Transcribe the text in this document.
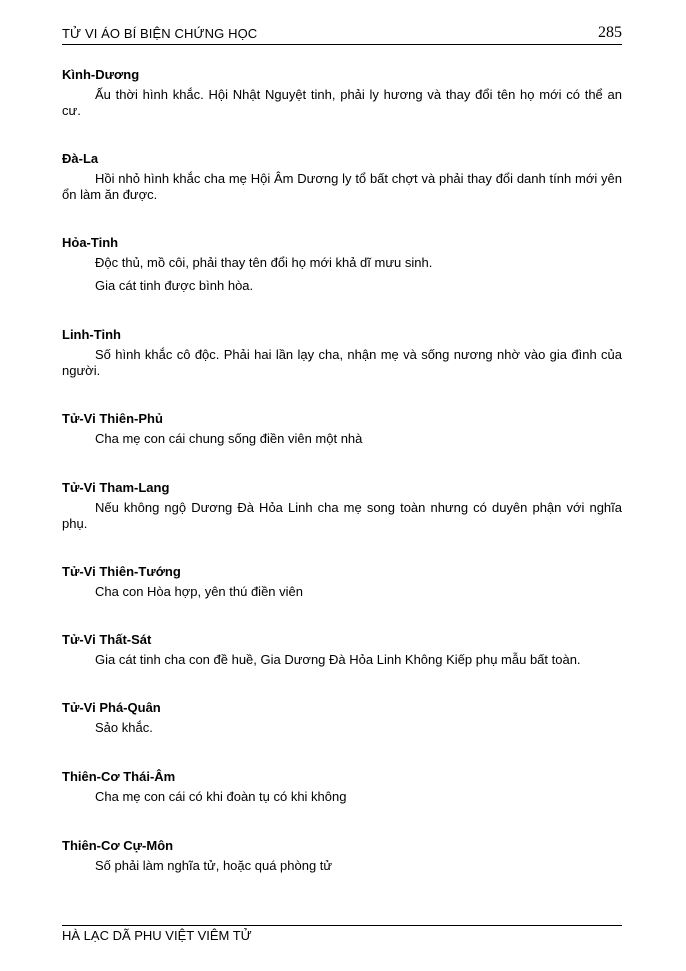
TỬ VI ÁO BÍ BIỆN CHỨNG HỌC	285
Kình-Dương

Ấu thời hình khắc. Hội Nhật Nguyệt tinh, phải ly hương và thay đổi tên họ mới có thể an cư.

Đà-La

Hồi nhỏ hình khắc cha mẹ Hội Âm Dương ly tổ bất chợt và phải thay đổi danh tính mới yên ổn làm ăn được.

Hỏa-Tinh

Độc thủ, mồ côi, phải thay tên đổi họ mới khả dĩ mưu sinh.

Gia cát tinh được bình hòa.

Linh-Tinh

Số hình khắc cô độc. Phải hai lần lạy cha, nhận mẹ và sống nương nhờ vào gia đình của người.

Tử-Vi Thiên-Phủ

Cha mẹ con cái chung sống điền viên một nhà

Tử-Vi Tham-Lang

Nếu không ngộ Dương Đà Hỏa Linh cha mẹ song toàn nhưng có duyên phận với nghĩa phụ.

Tử-Vi Thiên-Tướng

Cha con Hòa hợp, yên thú điền viên

Tử-Vi Thất-Sát

Gia cát tinh cha con đề huề, Gia Dương Đà Hỏa Linh Không Kiếp phụ mẫu bất toàn.

Tử-Vi Phá-Quân

Sảo khắc.

Thiên-Cơ Thái-Âm

Cha mẹ con cái có khi đoàn tụ có khi không

Thiên-Cơ Cự-Môn

Số phải làm nghĩa tử, hoặc quá phòng tử

HÀ LẠC DÃ PHU VIỆT VIÊM TỬ
